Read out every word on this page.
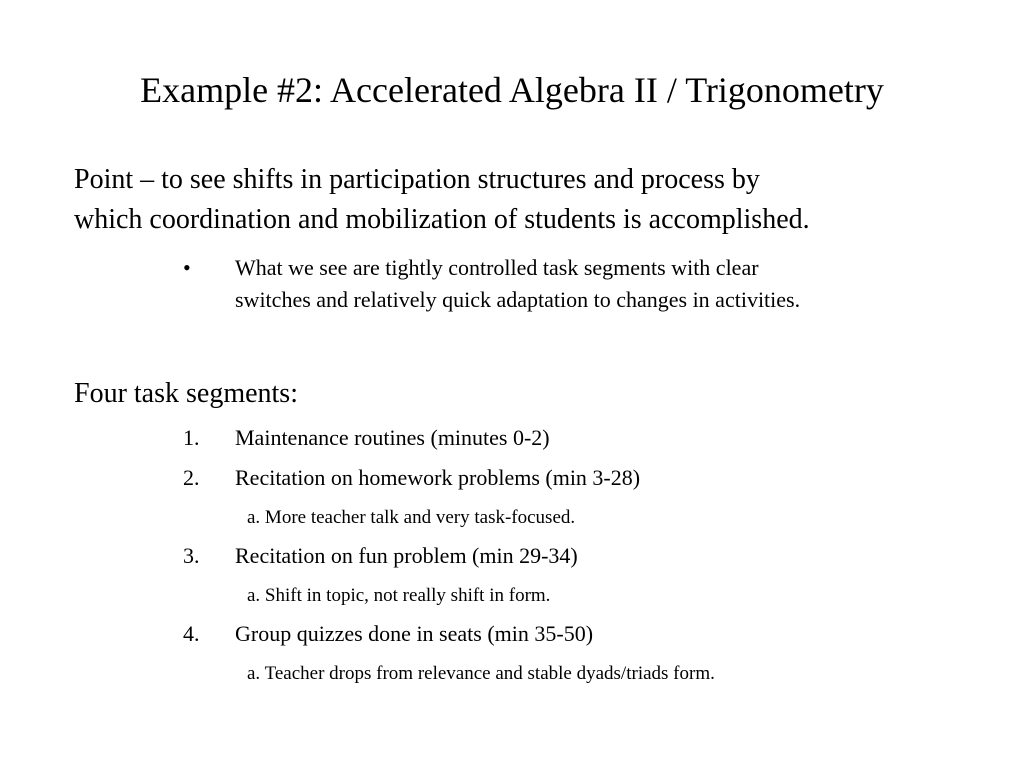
Example #2: Accelerated Algebra II / Trigonometry
Point – to see shifts in participation structures and process by
which coordination and mobilization of students is accomplished.
• What we see are tightly controlled task segments with clear
switches and relatively quick adaptation to changes in activities.
Four task segments:
1. Maintenance routines (minutes 0-2)
2. Recitation on homework problems (min 3-28)
a. More teacher talk and very task-focused.
3. Recitation on fun problem (min 29-34)
a. Shift in topic, not really shift in form.
4. Group quizzes done in seats (min 35-50)
a. Teacher drops from relevance and stable dyads/triads form.
